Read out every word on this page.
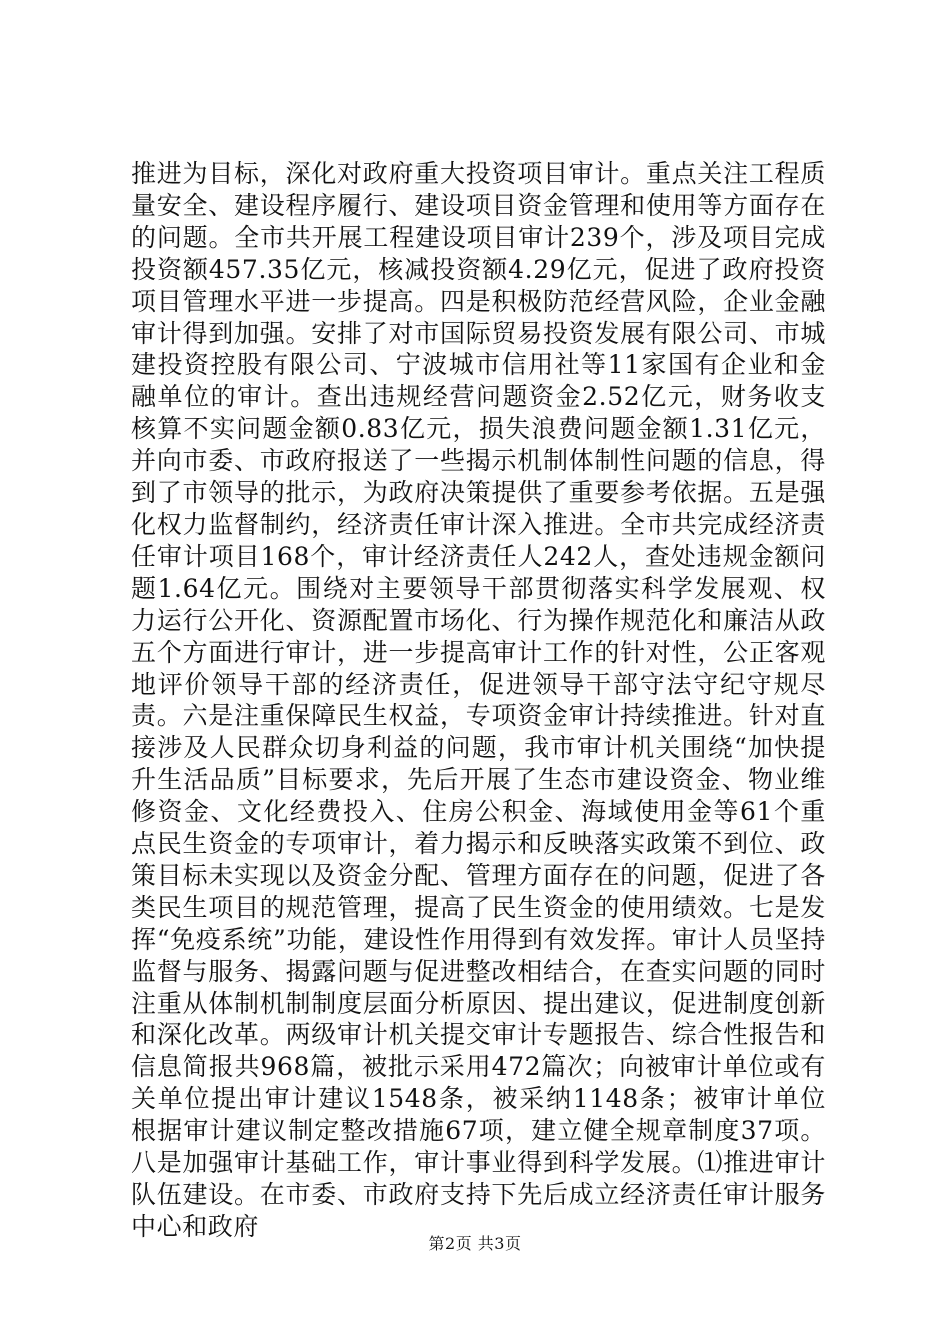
推进为目标，深化对政府重大投资项目审计。重点关注工程质量安全、建设程序履行、建设项目资金管理和使用等方面存在的问题。全市共开展工程建设项目审计239个，涉及项目完成投资额457.35亿元，核减投资额4.29亿元，促进了政府投资项目管理水平进一步提高。四是积极防范经营风险，企业金融审计得到加强。安排了对市国际贸易投资发展有限公司、市城建投资控股有限公司、宁波城市信用社等11家国有企业和金融单位的审计。查出违规经营问题资金2.52亿元，财务收支核算不实问题金额0.83亿元，损失浪费问题金额1.31亿元，并向市委、市政府报送了一些揭示机制体制性问题的信息，得到了市领导的批示，为政府决策提供了重要参考依据。五是强化权力监督制约，经济责任审计深入推进。全市共完成经济责任审计项目168个，审计经济责任人242人，查处违规金额问题1.64亿元。围绕对主要领导干部贯彻落实科学发展观、权力运行公开化、资源配置市场化、行为操作规范化和廉洁从政五个方面进行审计，进一步提高审计工作的针对性，公正客观地评价领导干部的经济责任，促进领导干部守法守纪守规尽责。六是注重保障民生权益，专项资金审计持续推进。针对直接涉及人民群众切身利益的问题，我市审计机关围绕“加快提升生活品质”目标要求，先后开展了生态市建设资金、物业维修资金、文化经费投入、住房公积金、海域使用金等61个重点民生资金的专项审计，着力揭示和反映落实政策不到位、政策目标未实现以及资金分配、管理方面存在的问题，促进了各类民生项目的规范管理，提高了民生资金的使用绩效。七是发挥“免疫系统”功能，建设性作用得到有效发挥。审计人员坚持监督与服务、揭露问题与促进整改相结合，在查实问题的同时注重从体制机制制度层面分析原因、提出建议，促进制度创新和深化改革。两级审计机关提交审计专题报告、综合性报告和信息简报共968篇，被批示采用472篇次；向被审计单位或有关单位提出审计建议1548条，被采纳1148条；被审计单位根据审计建议制定整改措施67项，建立健全规章制度37项。八是加强审计基础工作，审计事业得到科学发展。⑴推进审计队伍建设。在市委、市政府支持下先后成立经济责任审计服务中心和政府

第2页 共3页
